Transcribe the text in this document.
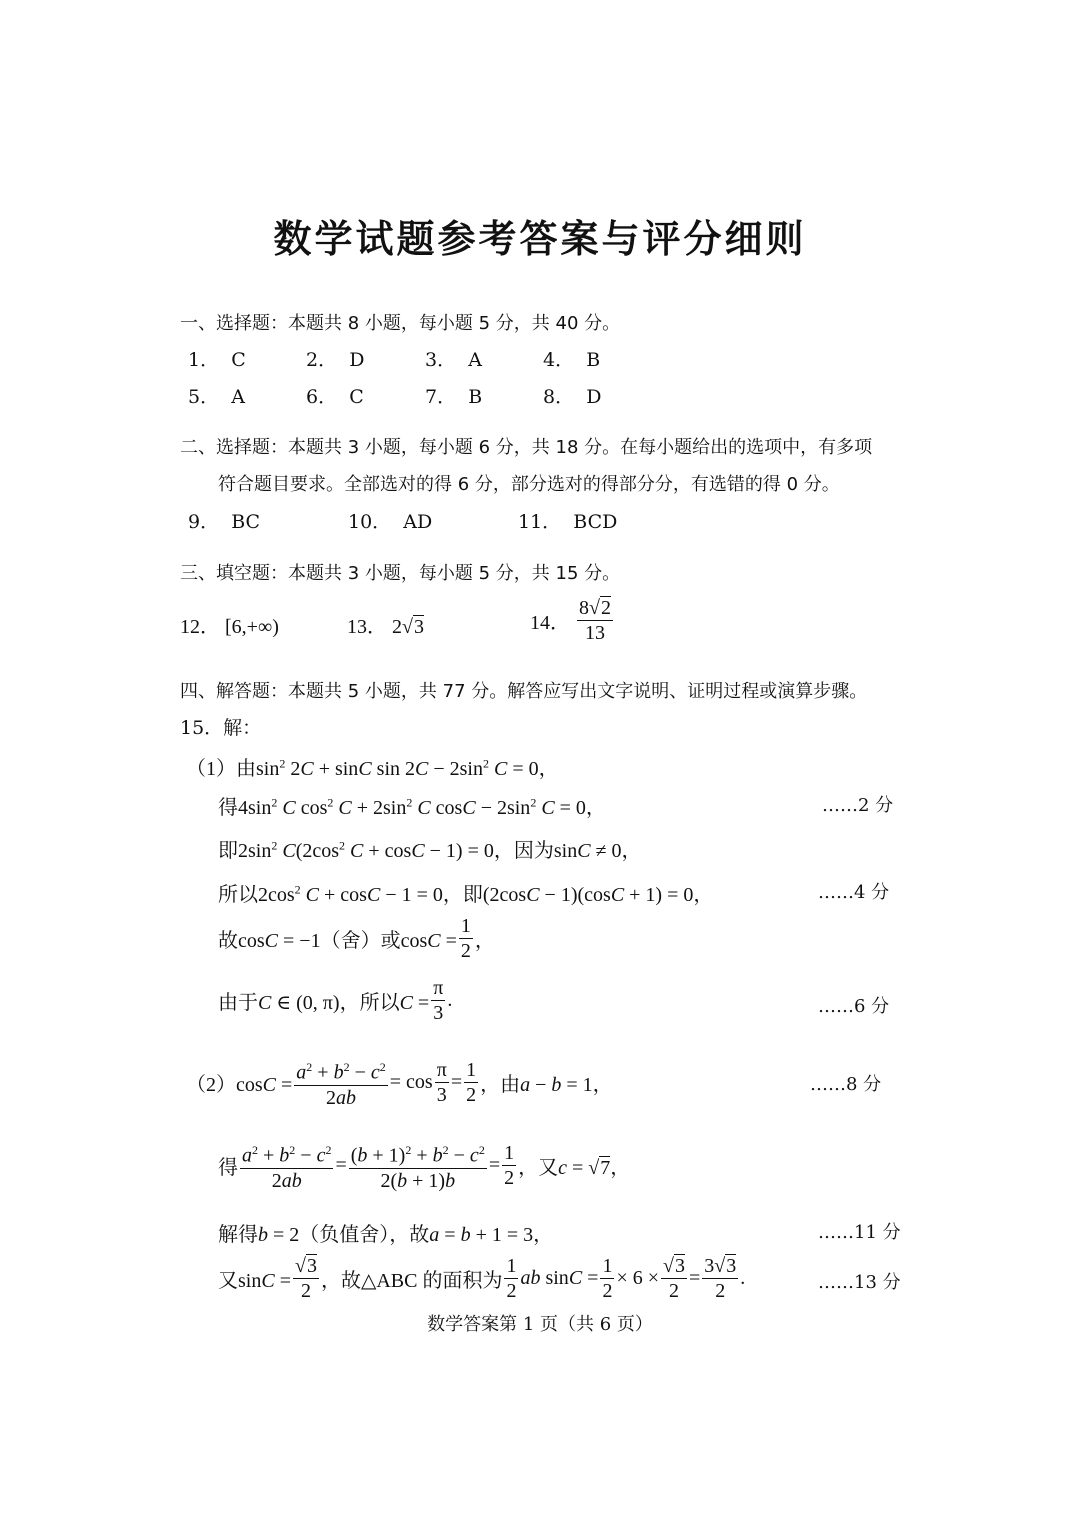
数学试题参考答案与评分细则
一、选择题：本题共 8 小题，每小题 5 分，共 40 分。
1． C	2． D	3． A	4． B
5． A	6． C	7． B	8． D
二、选择题：本题共 3 小题，每小题 6 分，共 18 分。在每小题给出的选项中，有多项
符合题目要求。全部选对的得 6 分，部分选对的得部分分，有选错的得 0 分。
9． BC	10． AD	11． BCD
三、填空题：本题共 3 小题，每小题 5 分，共 15 分。
12． [6,+∞)	13． 2√3	14． $\frac{8√2}{13}$
四、解答题：本题共 5 小题，共 77 分。解答应写出文字说明、证明过程或演算步骤。
15．解：
（1）由$\sin^2 2C + \sin C$ $\sin 2C - 2\sin^2$ C = 0，
得$4\sin^2$ C $\cos^2 C + 2\sin^2$ C $\cos C - 2\sin^2$ C = 0，	……2 分
即$2\sin^2$ $C(2\cos^2$ C + cosC − 1) = 0，因为sinC ≠ 0，
所以$2\cos^2$ C + cosC − 1 = 0，即(2cosC − 1)(cosC + 1) = 0，	……4 分
故cosC = −1（舍）或$\cos C = \frac{1}{2}$ ，
由于C ∈ (0, π)，所以$C = \frac{\pi}{3}$ .	……6 分
$(2)\cos C = \frac{a^2 + b^2 - c^2}{2ab} = \cos \frac{\pi}{3} = \frac{1}{2}$ ，由a − b = 1，	……8 分
得 $\frac{a^2 + b^2 - c^2}{2ab} = \frac{(b + 1)^2 + b^2 - c^2}{2(b + 1)b} = \frac{1}{2}$ ，又c = √7，
解得b = 2（负值舍），故a = b + 1 = 3，	……11 分
又$\sin C = \frac{√3}{2}$ ，故△ABC 的面积为 $\frac{1}{2}$ ab $\sin C = \frac{1}{2} \times 6 \times \frac{√3}{2} = \frac{3√3}{2}$ .	……13 分
数学答案第 1 页（共 6 页）
